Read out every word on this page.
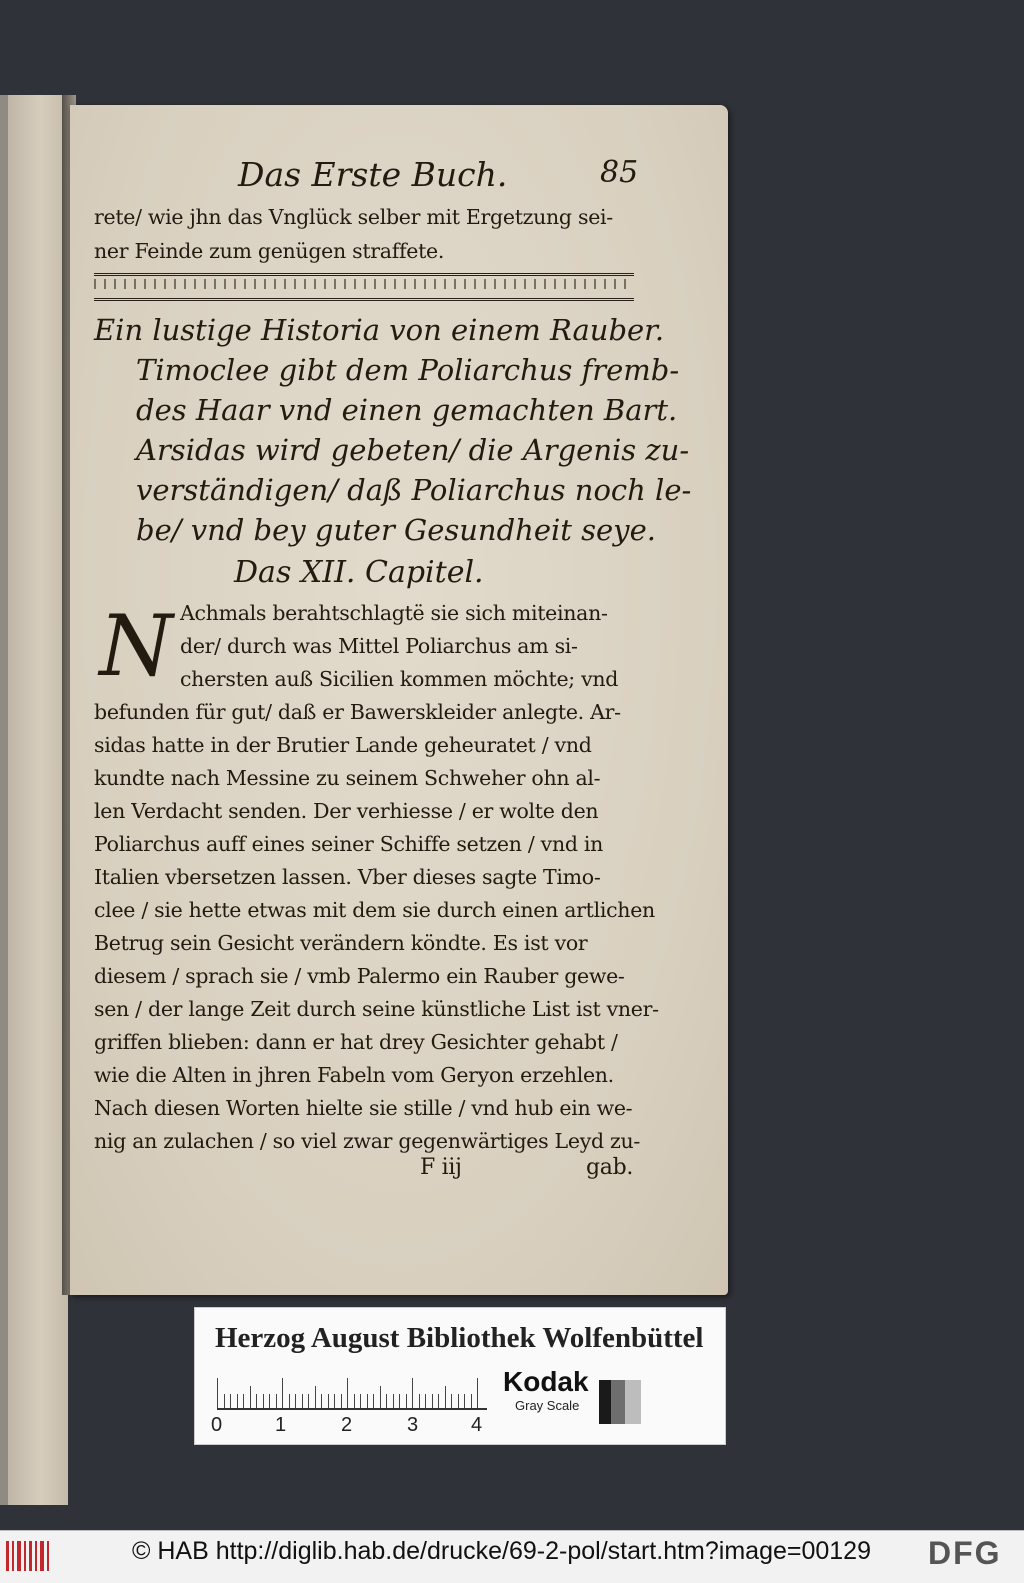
Das Erste Buch.	85
rete/ wie jhn das Vnglück selber mit Ergetzung sei-
ner Feinde zum genügen straffete.
Ein lustige Historia von einem Rauber.
Timoclee gibt dem Poliarchus fremb-
des Haar vnd einen gemachten Bart.
Arsidas wird gebeten/ die Argenis zu-
verständigen/ daß Poliarchus noch le-
be/ vnd bey guter Gesundheit seye.
Das XII. Capitel.
N Achmals berahtschlagtë sie sich miteinan-
der/ durch was Mittel Poliarchus am si-
chersten auß Sicilien kommen möchte; vnd
befunden für gut/ daß er Bawerskleider anlegte. Ar-
sidas hatte in der Brutier Lande geheuratet / vnd
kundte nach Messine zu seinem Schweher ohn al-
len Verdacht senden. Der verhiesse / er wolte den
Poliarchus auff eines seiner Schiffe setzen / vnd in
Italien vbersetzen lassen. Vber dieses sagte Timo-
clee / sie hette etwas mit dem sie durch einen artlichen
Betrug sein Gesicht verändern köndte. Es ist vor
diesem / sprach sie / vmb Palermo ein Rauber gewe-
sen / der lange Zeit durch seine künstliche List ist vner-
griffen blieben: dann er hat drey Gesichter gehabt /
wie die Alten in jhren Fabeln vom Geryon erzehlen.
Nach diesen Worten hielte sie stille / vnd hub ein we-
nig an zulachen / so viel zwar gegenwärtiges Leyd zu-
F iij	gab.
Herzog August Bibliothek Wolfenbüttel
0	1	2	3	4
Kodak
Gray Scale
© HAB http://diglib.hab.de/drucke/69-2-pol/start.htm?image=00129 DFG
